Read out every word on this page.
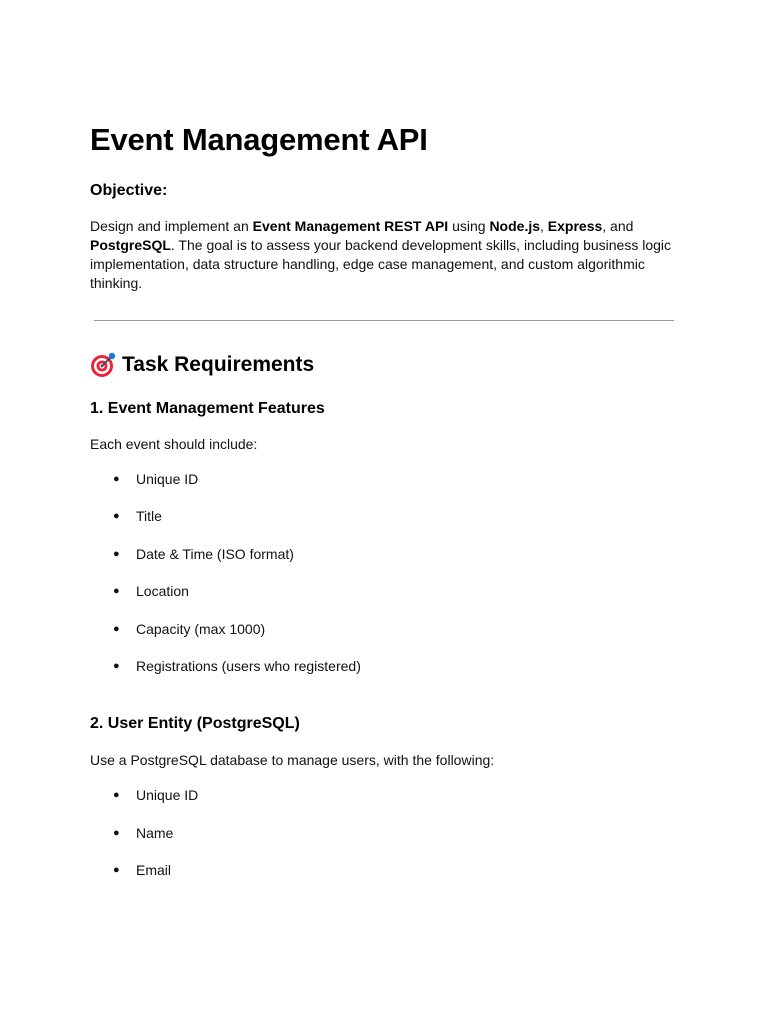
Event Management API
Objective:

Design and implement an Event Management REST API using Node.js, Express, and PostgreSQL. The goal is to assess your backend development skills, including business logic implementation, data structure handling, edge case management, and custom algorithmic thinking.

Task Requirements
1. Event Management Features

Each event should include:

● Unique ID
● Title
● Date & Time (ISO format)
● Location
● Capacity (max 1000)
● Registrations (users who registered)
2. User Entity (PostgreSQL)

Use a PostgreSQL database to manage users, with the following:

● Unique ID
● Name
● Email
